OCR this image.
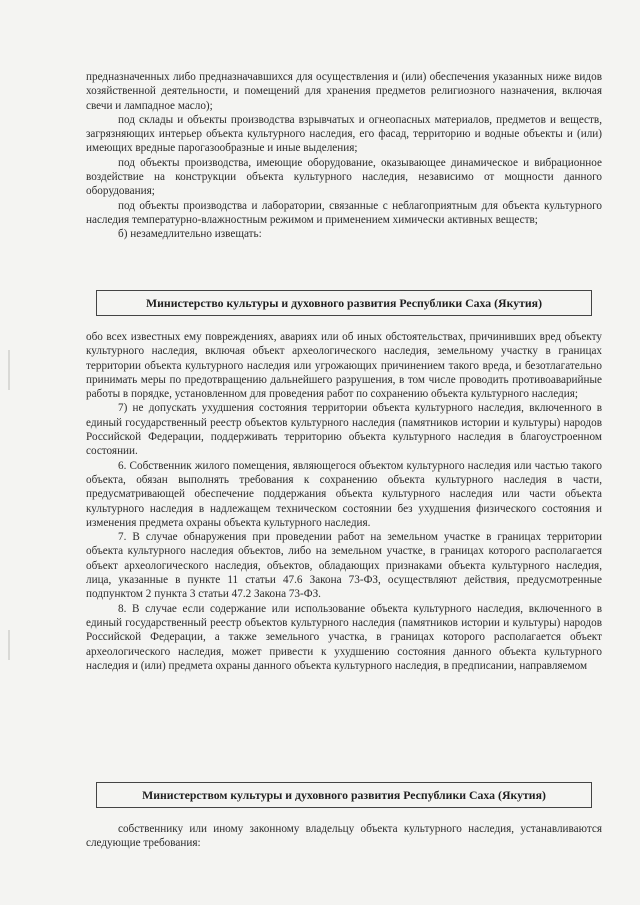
предназначенных либо предназначавшихся для осуществления и (или) обеспечения указанных ниже видов хозяйственной деятельности, и помещений для хранения предметов религиозного назначения, включая свечи и лампадное масло);

под склады и объекты производства взрывчатых и огнеопасных материалов, предметов и веществ, загрязняющих интерьер объекта культурного наследия, его фасад, территорию и водные объекты и (или) имеющих вредные парогазообразные и иные выделения;

под объекты производства, имеющие оборудование, оказывающее динамическое и вибрационное воздействие на конструкции объекта культурного наследия, независимо от мощности данного оборудования;

под объекты производства и лаборатории, связанные с неблагоприятным для объекта культурного наследия температурно-влажностным режимом и применением химически активных веществ;

б) незамедлительно извещать:

Министерство культуры и духовного развития Республики Саха (Якутия)

обо всех известных ему повреждениях, авариях или об иных обстоятельствах, причинивших вред объекту культурного наследия, включая объект археологического наследия, земельному участку в границах территории объекта культурного наследия или угрожающих причинением такого вреда, и безотлагательно принимать меры по предотвращению дальнейшего разрушения, в том числе проводить противоаварийные работы в порядке, установленном для проведения работ по сохранению объекта культурного наследия;

7) не допускать ухудшения состояния территории объекта культурного наследия, включенного в единый государственный реестр объектов культурного наследия (памятников истории и культуры) народов Российской Федерации, поддерживать территорию объекта культурного наследия в благоустроенном состоянии.

6. Собственник жилого помещения, являющегося объектом культурного наследия или частью такого объекта, обязан выполнять требования к сохранению объекта культурного наследия в части, предусматривающей обеспечение поддержания объекта культурного наследия или части объекта культурного наследия в надлежащем техническом состоянии без ухудшения физического состояния и изменения предмета охраны объекта культурного наследия.

7. В случае обнаружения при проведении работ на земельном участке в границах территории объекта культурного наследия объектов, либо на земельном участке, в границах которого располагается объект археологического наследия, объектов, обладающих признаками объекта культурного наследия, лица, указанные в пункте 11 статьи 47.6 Закона 73-ФЗ, осуществляют действия, предусмотренные подпунктом 2 пункта 3 статьи 47.2 Закона 73-ФЗ.

8. В случае если содержание или использование объекта культурного наследия, включенного в единый государственный реестр объектов культурного наследия (памятников истории и культуры) народов Российской Федерации, а также земельного участка, в границах которого располагается объект археологического наследия, может привести к ухудшению состояния данного объекта культурного наследия и (или) предмета охраны данного объекта культурного наследия, в предписании, направляемом

Министерством культуры и духовного развития Республики Саха (Якутия)

собственнику или иному законному владельцу объекта культурного наследия, устанавливаются следующие требования:
